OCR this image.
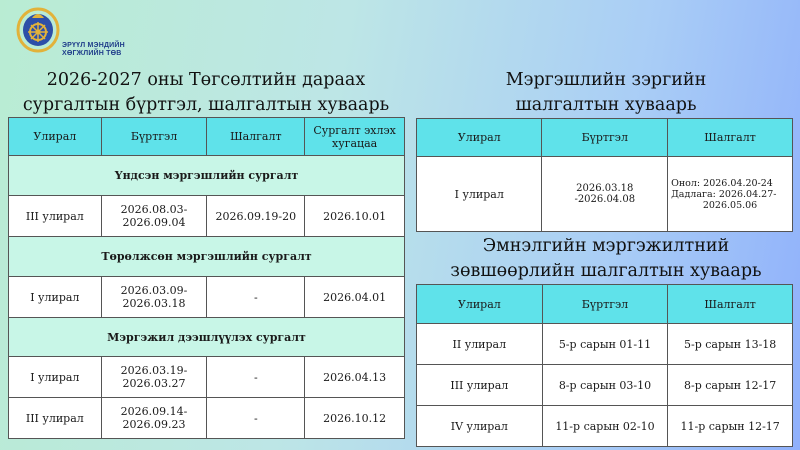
ЭРҮҮЛ МЭНДИЙН
ХӨГЖЛИЙН ТӨВ
2026-2027 оны Төгсөлтийн дараах
сургалтын бүртгэл, шалгалтын хуваарь
Улирал	Бүртгэл	Шалгалт	Сургалт эхлэх хугацаа
Үндсэн мэргэшлийн сургалт			
III улирал	2026.08.03-
2026.09.04	2026.09.19-20	2026.10.01
Төрөлжсөн мэргэшлийн сургалт			
I улирал	2026.03.09-
2026.03.18	-	2026.04.01
Мэргэжил дээшлүүлэх сургалт			
I улирал	2026.03.19-
2026.03.27	-	2026.04.13
III улирал	2026.09.14-
2026.09.23	-	2026.10.12
Мэргэшлийн зэргийн
шалгалтын хуваарь
Улирал	Бүртгэл	Шалгалт
I улирал	2026.03.18 -2026.04.08	Онол: 2026.04.20-24
Дадлага: 2026.04.27-
2026.05.06
Эмнэлгийн мэргэжилтний
зөвшөөрлийн шалгалтын хуваарь
Улирал	Бүртгэл	Шалгалт
II улирал	5-р сарын 01-11	5-р сарын 13-18
III улирал	8-р сарын 03-10	8-р сарын 12-17
IV улирал	11-р сарын 02-10	11-р сарын 12-17
